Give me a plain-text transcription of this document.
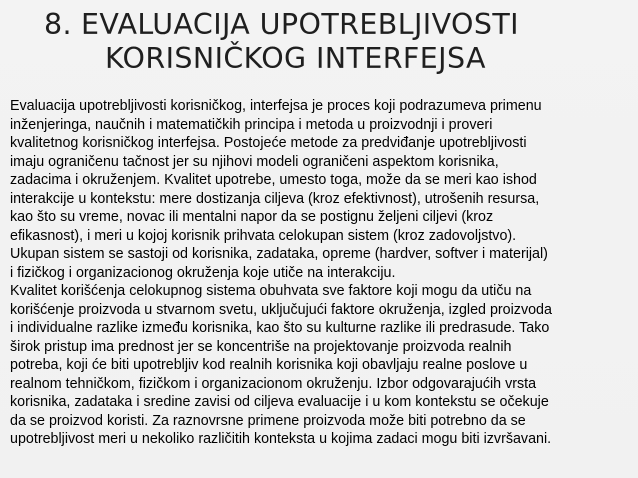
8. EVALUACIJA UPOTREBLJIVOSTI
KORISNIČKOG INTERFEJSA
Evaluacija upotrebljivosti korisničkog, interfejsa je proces koji podrazumeva primenu
inženjeringa, naučnih i matematičkih principa i metoda u proizvodnji i proveri
kvalitetnog korisničkog interfejsa. Postojeće metode za predviđanje upotrebljivosti
imaju ograničenu tačnost jer su njihovi modeli ograničeni aspektom korisnika,
zadacima i okruženjem. Kvalitet upotrebe, umesto toga, može da se meri kao ishod
interakcije u kontekstu: mere dostizanja ciljeva (kroz efektivnost), utrošenih resursa,
kao što su vreme, novac ili mentalni napor da se postignu željeni ciljevi (kroz
efikasnost), i meri u kojoj korisnik prihvata celokupan sistem (kroz zadovoljstvo).
Ukupan sistem se sastoji od korisnika, zadataka, opreme (hardver, softver i materijal)
i fizičkog i organizacionog okruženja koje utiče na interakciju.
Kvalitet korišćenja celokupnog sistema obuhvata sve faktore koji mogu da utiču na
korišćenje proizvoda u stvarnom svetu, uključujući faktore okruženja, izgled proizvoda
i individualne razlike između korisnika, kao što su kulturne razlike ili predrasude. Tako
širok pristup ima prednost jer se koncentriše na projektovanje proizvoda realnih
potreba, koji će biti upotrebljiv kod realnih korisnika koji obavljaju realne poslove u
realnom tehničkom, fizičkom i organizacionom okruženju. Izbor odgovarajućih vrsta
korisnika, zadataka i sredine zavisi od ciljeva evaluacije i u kom kontekstu se očekuje
da se proizvod koristi. Za raznovrsne primene proizvoda može biti potrebno da se
upotrebljivost meri u nekoliko različitih konteksta u kojima zadaci mogu biti izvršavani.
